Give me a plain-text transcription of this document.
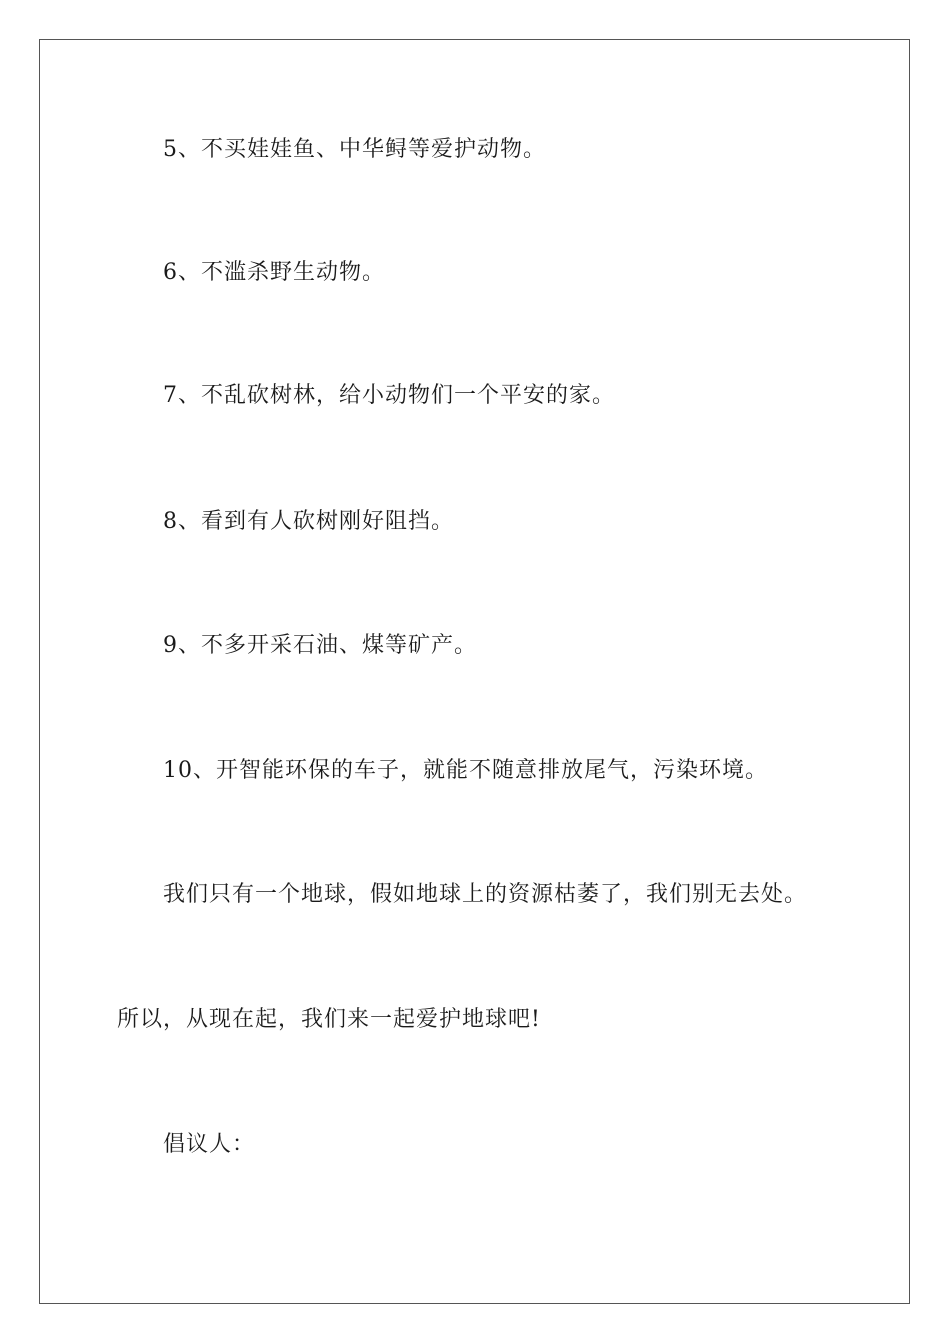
5、不买娃娃鱼、中华鲟等爱护动物。
6、不滥杀野生动物。
7、不乱砍树林，给小动物们一个平安的家。
8、看到有人砍树刚好阻挡。
9、不多开采石油、煤等矿产。
10、开智能环保的车子，就能不随意排放尾气，污染环境。
我们只有一个地球，假如地球上的资源枯萎了，我们别无去处。
所以，从现在起，我们来一起爱护地球吧!
倡议人：
